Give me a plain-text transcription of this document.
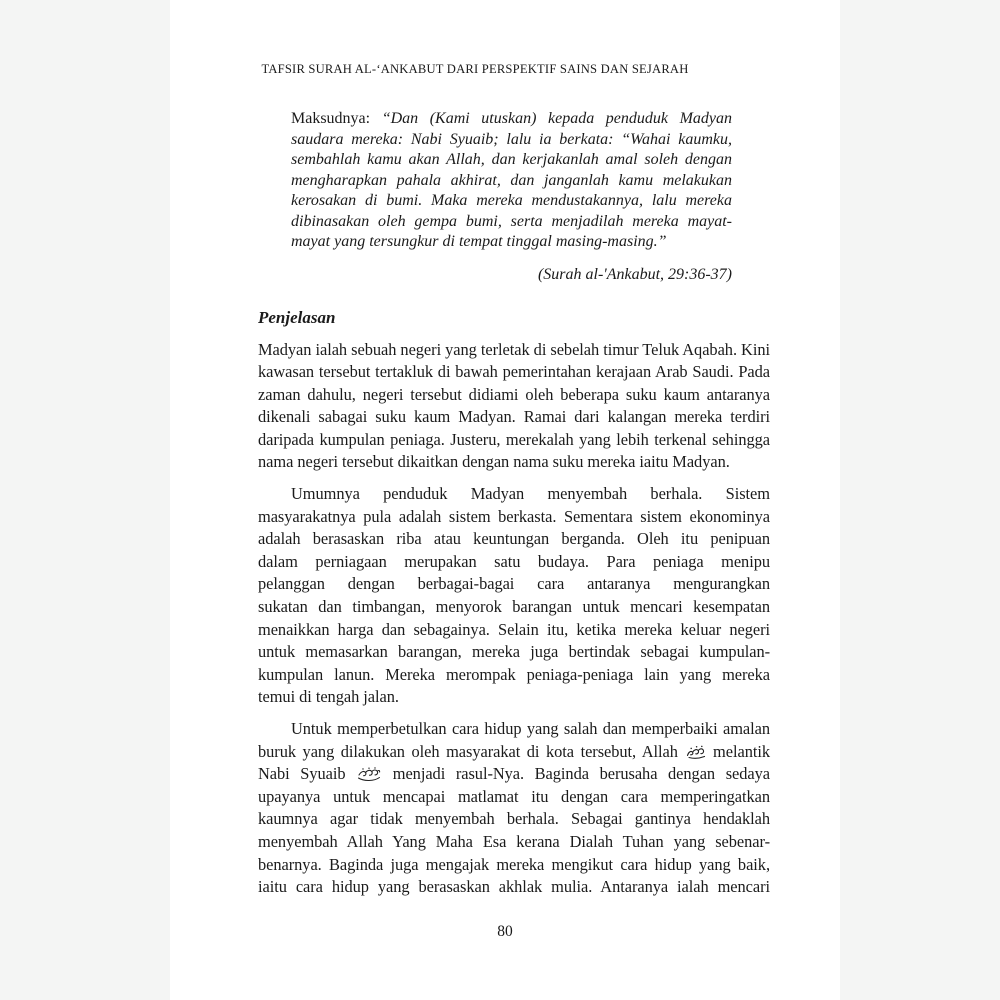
TAFSIR SURAH AL-‘ANKABUT DARI PERSPEKTIF SAINS DAN SEJARAH
Maksudnya: “Dan (Kami utuskan) kepada penduduk Madyan
saudara mereka: Nabi Syuaib; lalu ia berkata: “Wahai kaumku,
sembahlah kamu akan Allah, dan kerjakanlah amal soleh dengan
mengharapkan pahala akhirat, dan janganlah kamu melakukan
kerosakan di bumi. Maka mereka mendustakannya, lalu mereka
dibinasakan oleh gempa bumi, serta menjadilah mereka mayat-
mayat yang tersungkur di tempat tinggal masing-masing.”
(Surah al-'Ankabut, 29:36-37)
Penjelasan
Madyan ialah sebuah negeri yang terletak di sebelah timur Teluk Aqabah. Kini
kawasan tersebut tertakluk di bawah pemerintahan kerajaan Arab Saudi. Pada
zaman dahulu, negeri tersebut didiami oleh beberapa suku kaum antaranya
dikenali sabagai suku kaum Madyan. Ramai dari kalangan mereka terdiri
daripada kumpulan peniaga. Justeru, merekalah yang lebih terkenal sehingga
nama negeri tersebut dikaitkan dengan nama suku mereka iaitu Madyan.
Umumnya penduduk Madyan menyembah berhala. Sistem
masyarakatnya pula adalah sistem berkasta. Sementara sistem ekonominya
adalah berasaskan riba atau keuntungan berganda. Oleh itu penipuan
dalam perniagaan merupakan satu budaya. Para peniaga menipu
pelanggan dengan berbagai-bagai cara antaranya mengurangkan
sukatan dan timbangan, menyorok barangan untuk mencari kesempatan
menaikkan harga dan sebagainya. Selain itu, ketika mereka keluar negeri
untuk memasarkan barangan, mereka juga bertindak sebagai kumpulan-
kumpulan lanun. Mereka merompak peniaga-peniaga lain yang mereka
temui di tengah jalan.
Untuk memperbetulkan cara hidup yang salah dan memperbaiki amalan
buruk yang dilakukan oleh masyarakat di kota tersebut, Allah  melantik
Nabi Syuaib  menjadi rasul-Nya. Baginda berusaha dengan sedaya
upayanya untuk mencapai matlamat itu dengan cara memperingatkan
kaumnya agar tidak menyembah berhala. Sebagai gantinya hendaklah
menyembah Allah Yang Maha Esa kerana Dialah Tuhan yang sebenar-
benarnya. Baginda juga mengajak mereka mengikut cara hidup yang baik,
iaitu cara hidup yang berasaskan akhlak mulia. Antaranya ialah mencari
80
